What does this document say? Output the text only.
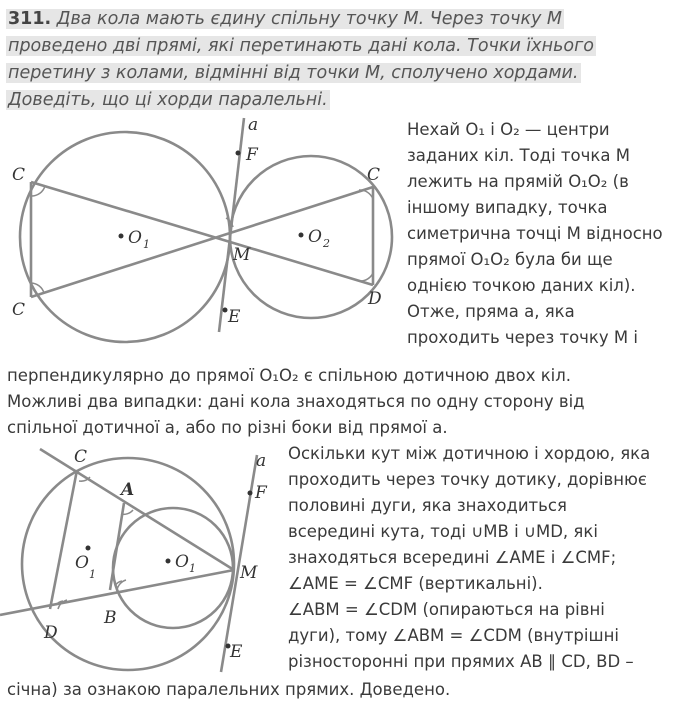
311. Два кола мають єдину спільну точку М. Через точку М
проведено дві прямі, які перетинають дані кола. Точки їхнього
перетину з колами, відмінні від точки М, сполучено хордами.
Доведіть, що ці хорди паралельні.
a
F
C	C
O 1	O 2
M
C
D
E
Нехай O₁ і O₂ — центри
заданих кіл. Тоді точка M
лежить на прямій O₁O₂ (в
іншому випадку, точка
симетрична точці M відносно
прямої O₁O₂ була би ще
однією точкою даних кіл).
Отже, пряма a, яка
проходить через точку M і
перпендикулярно до прямої O₁O₂ є спільною дотичною двох кіл.
Можливі два випадки: дані кола знаходяться по одну сторону від
спільної дотичної a, або по різні боки від прямої a.
C	a
A	F
O
1
O 1	M
D
B
E
Оскільки кут між дотичною і хордою, яка
проходить через точку дотику, дорівнює
половині дуги, яка знаходиться
всередині кута, тоді ∪MB і ∪MD, які
знаходяться всередині ∠AME і ∠CMF;
∠AME = ∠CMF (вертикальні).
∠ABM = ∠CDM (опираються на рівні
дуги), тому ∠ABM = ∠CDM (внутрішні
різносторонні при прямих AB ∥ CD, BD –
січна) за ознакою паралельних прямих. Доведено.
